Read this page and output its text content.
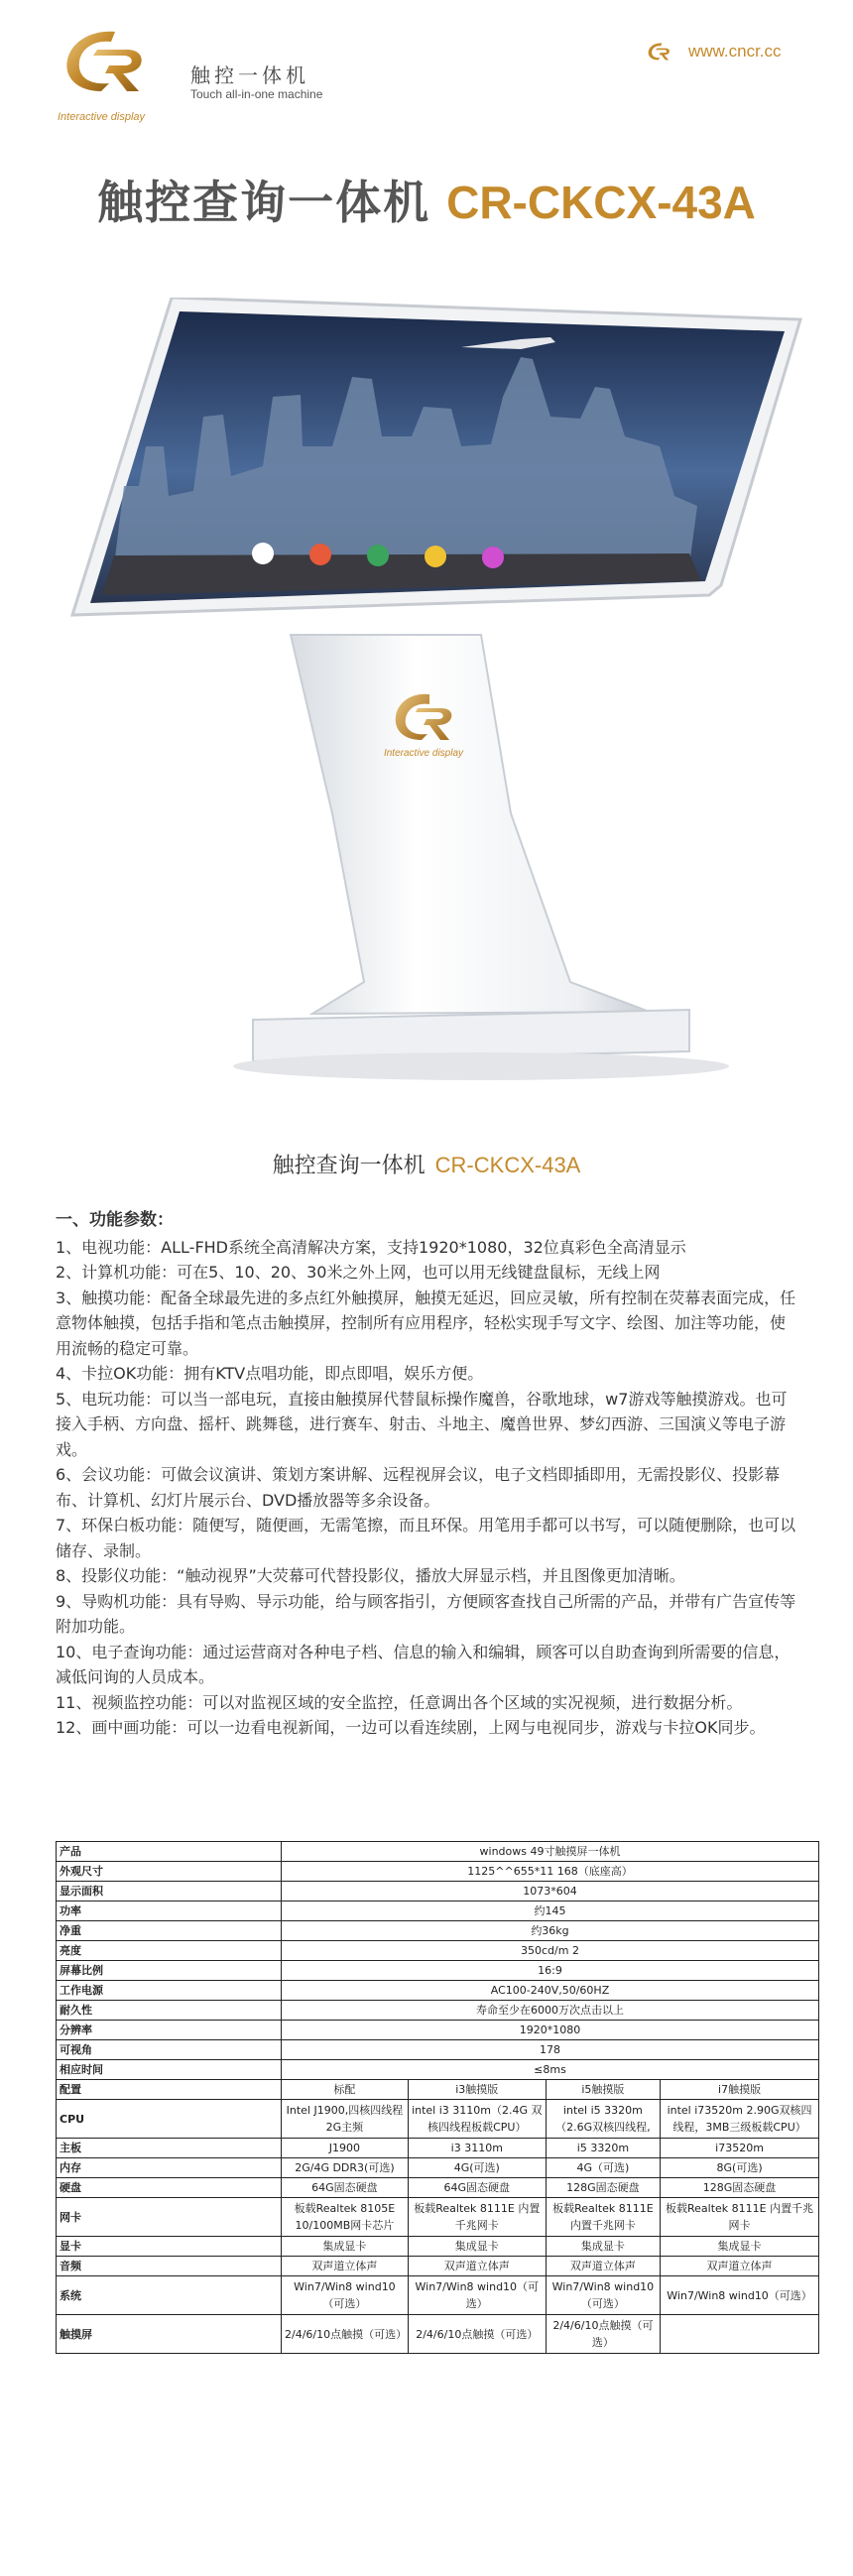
Interactive display
触控一体机
Touch all-in-one machine
www.cncr.cc
触控查询一体机 CR-CKCX-43A
Interactive display
触控查询一体机 CR-CKCX-43A
一、功能参数：

1、电视功能：ALL-FHD系统全高清解决方案，支持1920*1080，32位真彩色全高清显示

2、计算机功能：可在5、10、20、30米之外上网，也可以用无线键盘鼠标，无线上网

3、触摸功能：配备全球最先进的多点红外触摸屏，触摸无延迟，回应灵敏，所有控制在荧幕表面完成，任意物体触摸，包括手指和笔点击触摸屏，控制所有应用程序，轻松实现手写文字、绘图、加注等功能，使用流畅的稳定可靠。

4、卡拉OK功能：拥有KTV点唱功能，即点即唱，娱乐方便。

5、电玩功能：可以当一部电玩，直接由触摸屏代替鼠标操作魔兽，谷歌地球，w7游戏等触摸游戏。也可接入手柄、方向盘、摇杆、跳舞毯，进行赛车、射击、斗地主、魔兽世界、梦幻西游、三国演义等电子游戏。

6、会议功能：可做会议演讲、策划方案讲解、远程视屏会议，电子文档即插即用，无需投影仪、投影幕布、计算机、幻灯片展示台、DVD播放器等多余设备。

7、环保白板功能：随便写，随便画，无需笔擦，而且环保。用笔用手都可以书写，可以随便删除，也可以储存、录制。

8、投影仪功能：“触动视界”大荧幕可代替投影仪，播放大屏显示档，并且图像更加清晰。

9、导购机功能：具有导购、导示功能，给与顾客指引，方便顾客查找自己所需的产品，并带有广告宣传等附加功能。

10、电子查询功能：通过运营商对各种电子档、信息的输入和编辑，顾客可以自助查询到所需要的信息，减低问询的人员成本。

11、视频监控功能：可以对监视区域的安全监控，任意调出各个区域的实况视频，进行数据分析。

12、画中画功能：可以一边看电视新闻，一边可以看连续剧，上网与电视同步，游戏与卡拉OK同步。

产品	windows 49寸触摸屏一体机			
外观尺寸	1125^^655*11 168（底座高）			
显示面积	1073*604			
功率	约145			
净重	约36kg			
亮度	350cd/m 2			
屏幕比例	16:9			
工作电源	AC100-240V,50/60HZ			
耐久性	寿命至少在6000万次点击以上			
分辨率	1920*1080			
可视角	178			
相应时间	≤8ms			
配置	标配	i3触摸版	i5触摸版	i7触摸版
CPU	Intel J1900,四核四线程 2G主频	intel i3 3110m（2.4G 双核四线程板载CPU）	intel i5 3320m（2.6G双核四线程,	intel i73520m 2.90G双核四线程，3MB三级板载CPU）
主板	J1900	i3 3110m	i5 3320m	i73520m
内存	2G/4G DDR3(可选)	4G(可选)	4G（可选)	8G(可选)
硬盘	64G固态硬盘	64G固态硬盘	128G固态硬盘	128G固态硬盘
网卡	板载Realtek 8105E 10/100MB网卡芯片	板载Realtek 8111E 内置千兆网卡	板载Realtek 8111E 内置千兆网卡	板载Realtek 8111E 内置千兆网卡
显卡	集成显卡	集成显卡	集成显卡	集成显卡
音频	双声道立体声	双声道立体声	双声道立体声	双声道立体声
系统	Win7/Win8 wind10（可选）	Win7/Win8 wind10（可选）	Win7/Win8 wind10（可选）	Win7/Win8 wind10（可选）
触摸屏	2/4/6/10点触摸（可选）	2/4/6/10点触摸（可选）	2/4/6/10点触摸（可选）	
